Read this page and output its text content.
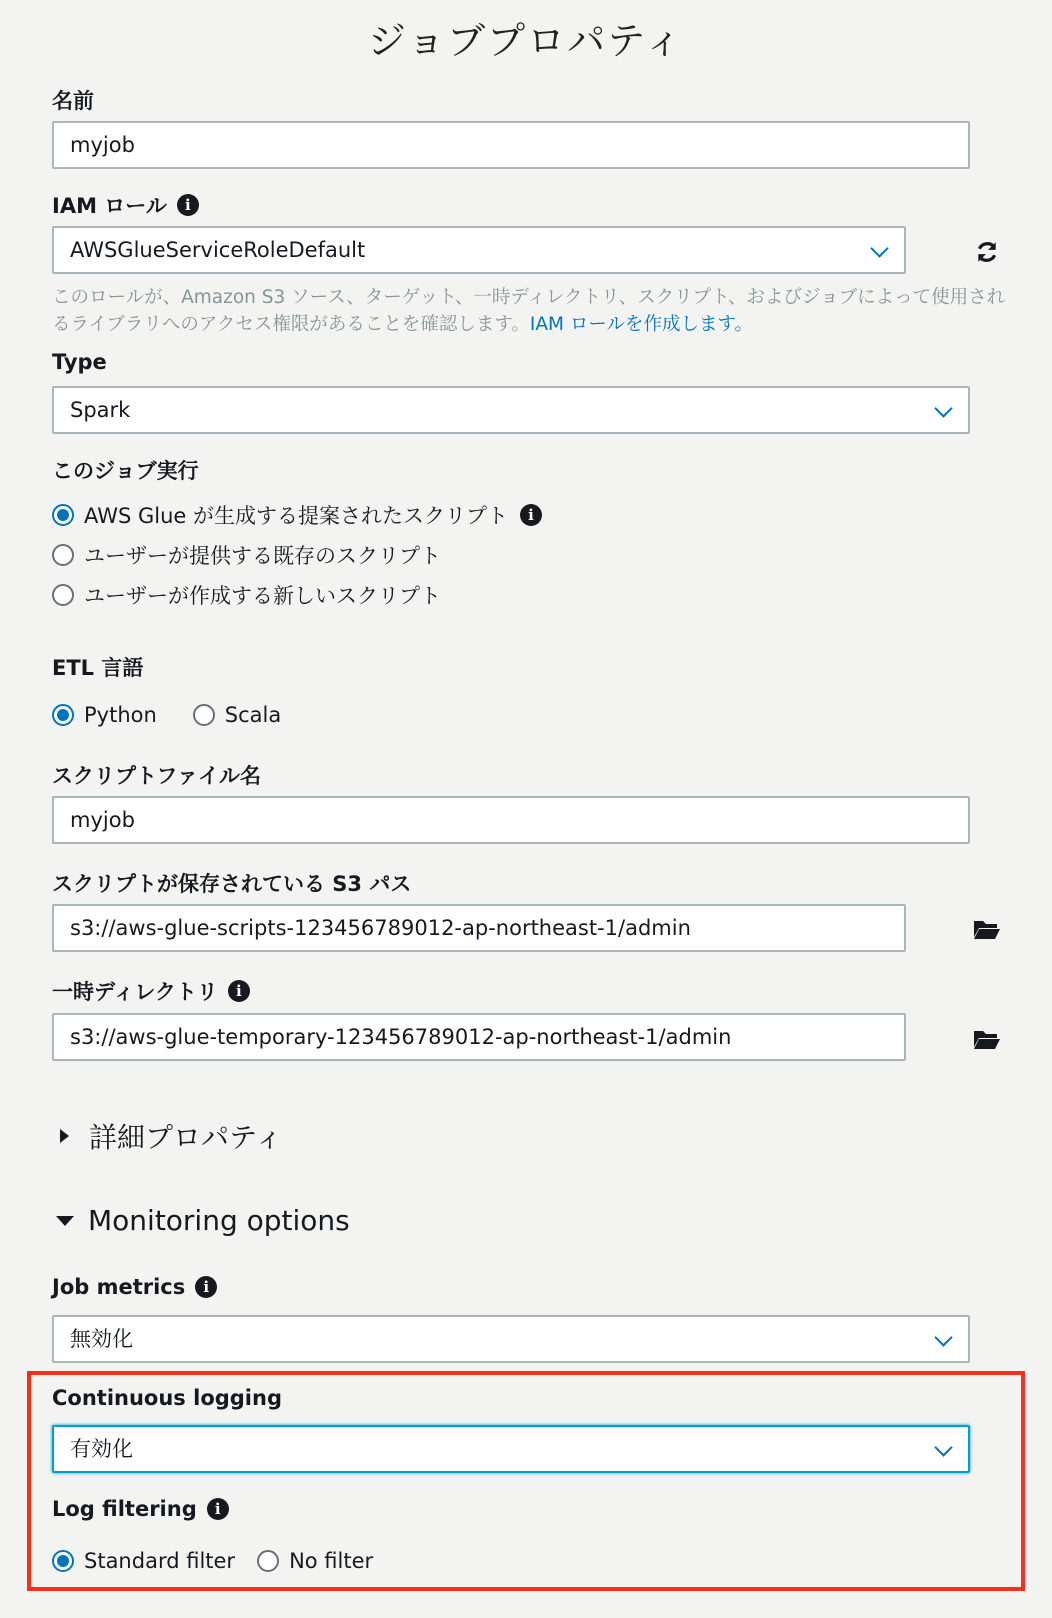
ジョブプロパティ
名前
myjob
IAM ロール	i
AWSGlueServiceRoleDefault
このロールが、Amazon S3 ソース、ターゲット、一時ディレクトリ、スクリプト、およびジョブによって使用されるライブラリへのアクセス権限があることを確認します。IAM ロールを作成します。
Type
Spark
このジョブ実行
AWS Glue が生成する提案されたスクリプト	i
ユーザーが提供する既存のスクリプト
ユーザーが作成する新しいスクリプト
ETL 言語
Python	Scala
スクリプトファイル名
myjob
スクリプトが保存されている S3 パス
s3://aws-glue-scripts-123456789012-ap-northeast-1/admin
一時ディレクトリ	i
s3://aws-glue-temporary-123456789012-ap-northeast-1/admin
詳細プロパティ
Monitoring options
Job metrics	i
無効化
Continuous logging
有効化
Log filtering	i
Standard filter	No filter
